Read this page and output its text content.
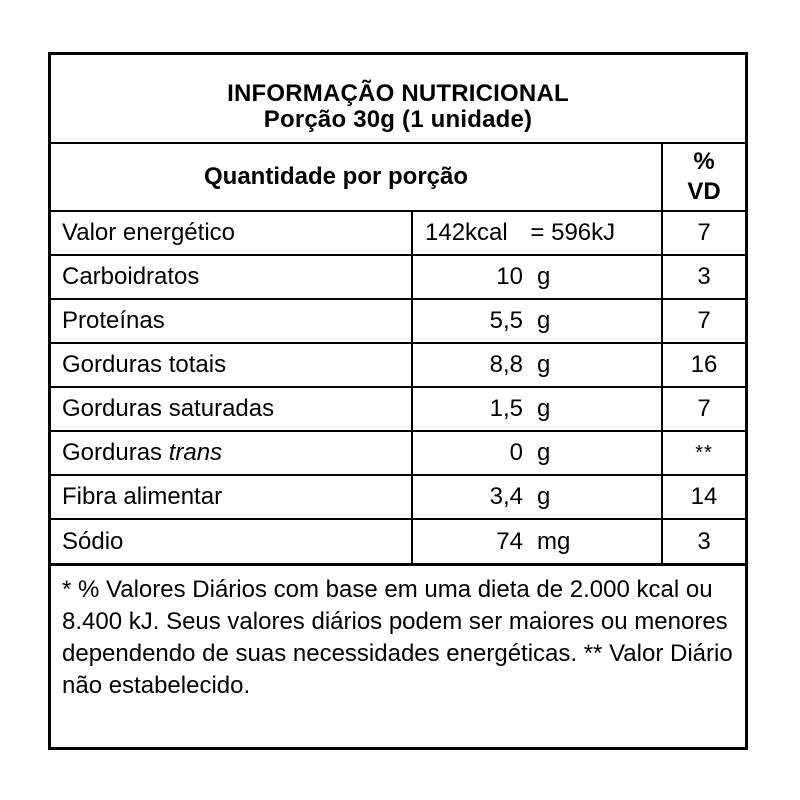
INFORMAÇÃO NUTRICIONAL
Porção 30g (1 unidade)
Quantidade por porção		%
VD

Valor energético	142kcal = 596kJ	7
Carboidratos	10 g	3
Proteínas	5,5 g	7
Gorduras totais	8,8 g	16
Gorduras saturadas	1,5 g	7
Gorduras trans	0 g	**
Fibra alimentar	3,4 g	14
Sódio	74 mg	3
* % Valores Diários com base em uma dieta de 2.000 kcal ou 8.400 kJ. Seus valores diários podem ser maiores ou menores dependendo de suas necessidades energéticas. ** Valor Diário não estabelecido.
